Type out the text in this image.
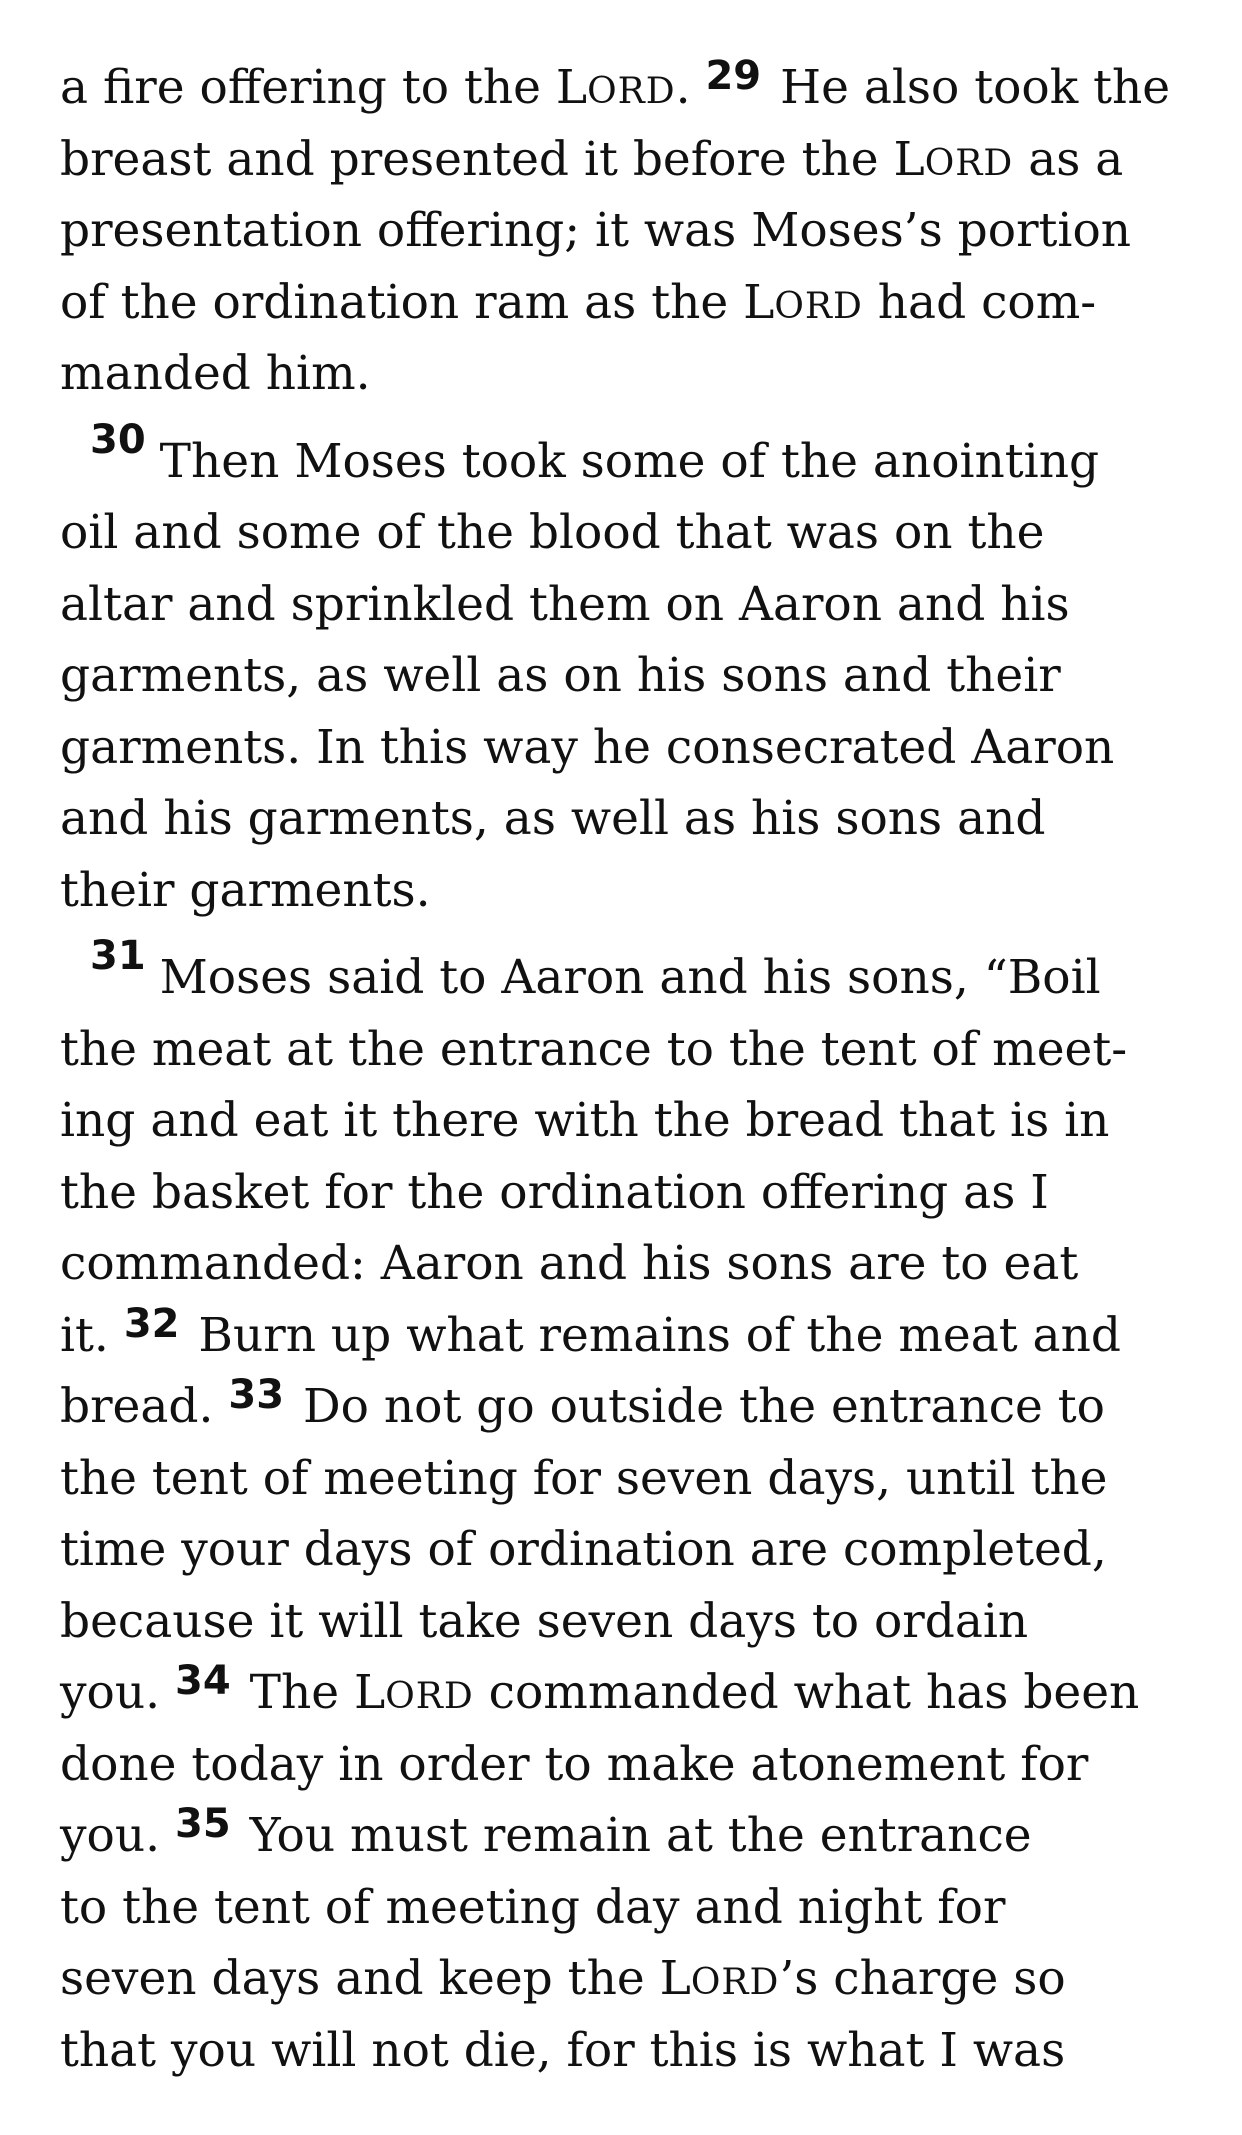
a fire offering to the LORD. 29 He also took the
breast and presented it before the LORD as a
presentation offering; it was Moses’s portion
of the ordination ram as the LORD had com-
manded him.
30 Then Moses took some of the anointing
oil and some of the blood that was on the
altar and sprinkled them on Aaron and his
garments, as well as on his sons and their
garments. In this way he consecrated Aaron
and his garments, as well as his sons and
their garments.
31 Moses said to Aaron and his sons, “Boil
the meat at the entrance to the tent of meet-
ing and eat it there with the bread that is in
the basket for the ordination offering as I
commanded: Aaron and his sons are to eat
it. 32 Burn up what remains of the meat and
bread. 33 Do not go outside the entrance to
the tent of meeting for seven days, until the
time your days of ordination are completed,
because it will take seven days to ordain
you. 34 The LORD commanded what has been
done today in order to make atonement for
you. 35 You must remain at the entrance
to the tent of meeting day and night for
seven days and keep the LORD’s charge so
that you will not die, for this is what I was
